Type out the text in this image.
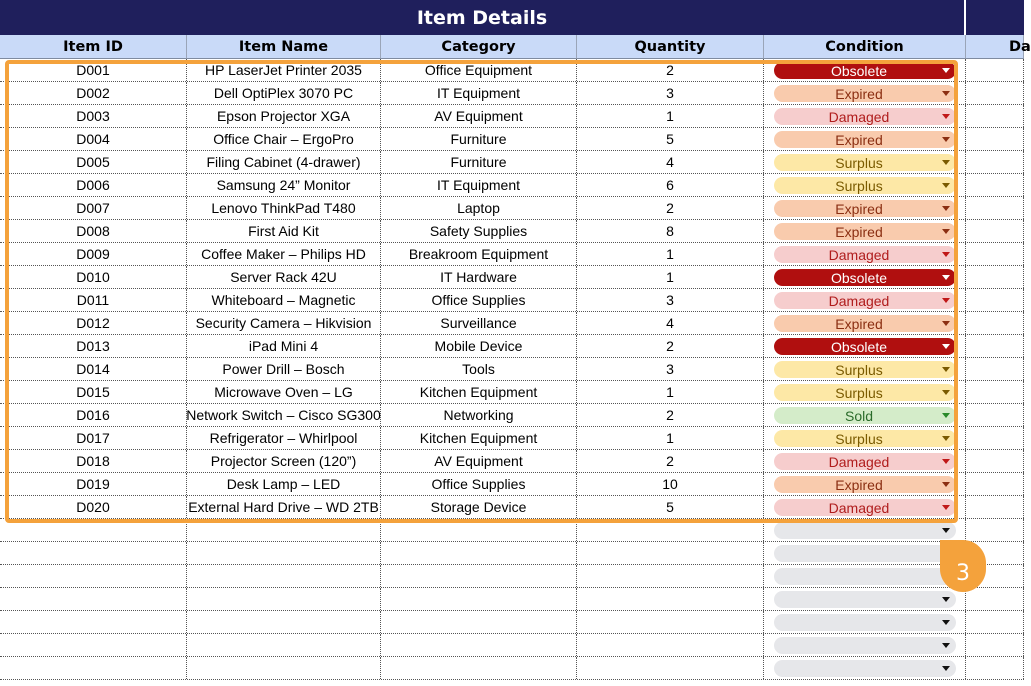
Item Details
Item ID	Item Name	Category	Quantity	Condition	Da
D001	HP LaserJet Printer 2035	Office Equipment	2	Obsolete
D002	Dell OptiPlex 3070 PC	IT Equipment	3	Expired
D003	Epson Projector XGA	AV Equipment	1	Damaged
D004	Office Chair – ErgoPro	Furniture	5	Expired
D005	Filing Cabinet (4-drawer)	Furniture	4	Surplus
D006	Samsung 24” Monitor	IT Equipment	6	Surplus
D007	Lenovo ThinkPad T480	Laptop	2	Expired
D008	First Aid Kit	Safety Supplies	8	Expired
D009	Coffee Maker – Philips HD	Breakroom Equipment	1	Damaged
D010	Server Rack 42U	IT Hardware	1	Obsolete
D011	Whiteboard – Magnetic	Office Supplies	3	Damaged
D012	Security Camera – Hikvision	Surveillance	4	Expired
D013	iPad Mini 4	Mobile Device	2	Obsolete
D014	Power Drill – Bosch	Tools	3	Surplus
D015	Microwave Oven – LG	Kitchen Equipment	1	Surplus
D016	Network Switch – Cisco SG300	Networking	2	Sold
D017	Refrigerator – Whirlpool	Kitchen Equipment	1	Surplus
D018	Projector Screen (120”)	AV Equipment	2	Damaged
D019	Desk Lamp – LED	Office Supplies	10	Expired
D020	External Hard Drive – WD 2TB	Storage Device	5	Damaged
3
